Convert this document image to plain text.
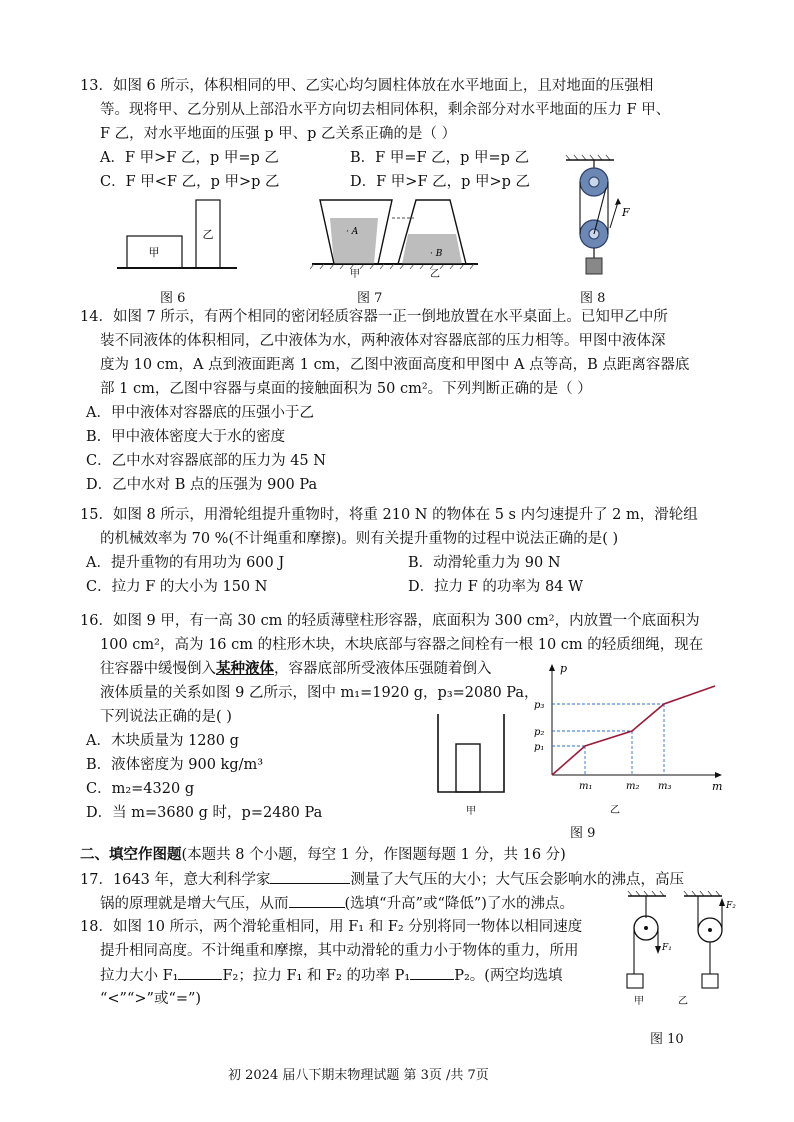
13．如图 6 所示，体积相同的甲、乙实心均匀圆柱体放在水平地面上，且对地面的压强相
等。现将甲、乙分别从上部沿水平方向切去相同体积，剩余部分对水平地面的压力 F 甲、
F 乙，对水平地面的压强 p 甲、p 乙关系正确的是（ ）
A．F 甲>F 乙，p 甲=p 乙	B．F 甲=F 乙，p 甲=p 乙
C．F 甲<F 乙，p 甲>p 乙	D．F 甲>F 乙，p 甲>p 乙
甲
乙
图 6
· A
· B
甲	乙
图 7
F
图 8
14．如图 7 所示，有两个相同的密闭轻质容器一正一倒地放置在水平桌面上。已知甲乙中所
装不同液体的体积相同，乙中液体为水，两种液体对容器底部的压力相等。甲图中液体深
度为 10 cm，A 点到液面距离 1 cm，乙图中液面高度和甲图中 A 点等高，B 点距离容器底
部 1 cm，乙图中容器与桌面的接触面积为 50 cm²。下列判断正确的是（ ）
A．甲中液体对容器底的压强小于乙
B．甲中液体密度大于水的密度
C．乙中水对容器底部的压力为 45 N
D．乙中水对 B 点的压强为 900 Pa
15．如图 8 所示，用滑轮组提升重物时，将重 210 N 的物体在 5 s 内匀速提升了 2 m，滑轮组
的机械效率为 70 %(不计绳重和摩擦)。则有关提升重物的过程中说法正确的是( )
A．提升重物的有用功为 600 J	B．动滑轮重力为 90 N
C．拉力 F 的大小为 150 N	D．拉力 F 的功率为 84 W
16．如图 9 甲，有一高 30 cm 的轻质薄壁柱形容器，底面积为 300 cm²，内放置一个底面积为
100 cm²，高为 16 cm 的柱形木块，木块底部与容器之间栓有一根 10 cm 的轻质细绳，现在
往容器中缓慢倒入某种液体，容器底部所受液体压强随着倒入
液体质量的关系如图 9 乙所示，图中 m₁=1920 g，p₃=2080 Pa，
下列说法正确的是( )
A．木块质量为 1280 g
B．液体密度为 900 kg/m³
C．m₂=4320 g
D．当 m=3680 g 时，p=2480 Pa	甲
p
m
p₁
p₂
p₃
m₁	m₂ m₃
乙
图 9
二、填空作图题(本题共 8 个小题，每空 1 分，作图题每题 1 分，共 16 分)
17．1643 年，意大利科学家	测量了大气压的大小；大气压会影响水的沸点，高压
锅的原理就是增大气压，从而	(选填“升高”或“降低”)了水的沸点。
18．如图 10 所示，两个滑轮重相同，用 F₁ 和 F₂ 分别将同一物体以相同速度
提升相同高度。不计绳重和摩擦，其中动滑轮的重力小于物体的重力，所用
拉力大小 F₁	F₂；拉力 F₁ 和 F₂ 的功率 P₁	P₂。(两空均选填
“<”“>”或“=”)
F₁
F₂
甲	乙
图 10
初 2024 届八下期末物理试题 第 3页 /共 7页
